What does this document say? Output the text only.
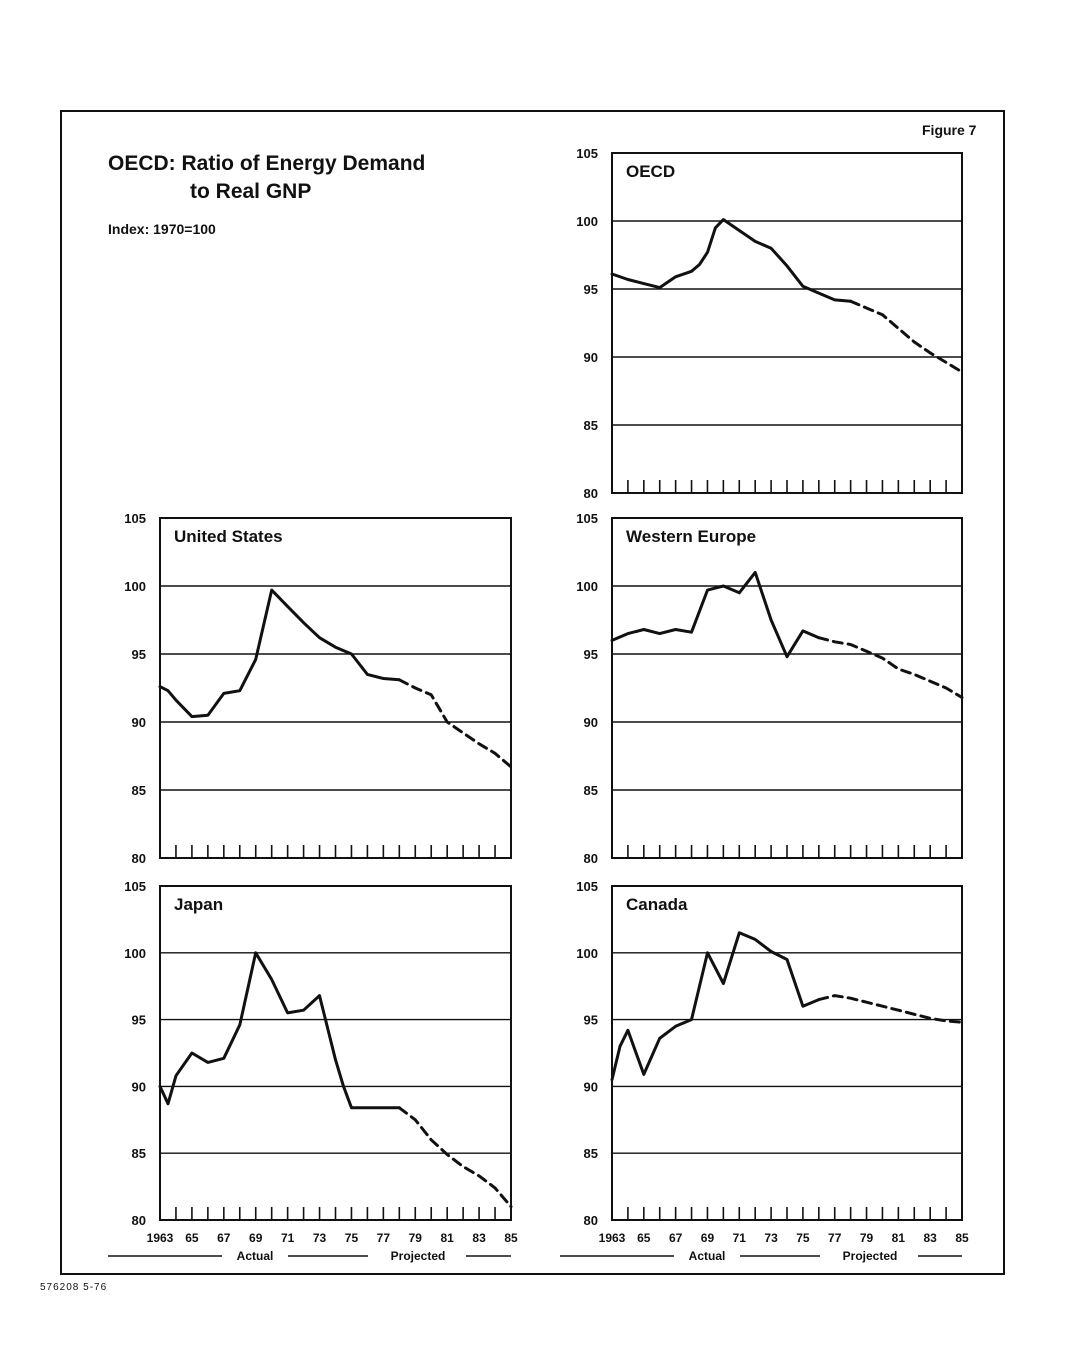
Figure 7
OECD: Ratio of Energy Demand
to Real GNP
Index: 1970=100
576208 5-76
80
85
90
95
100
105
OECD
80
85
90
95
100
105
United States
80
85
90
95
100
105
Western Europe
80
85
90
95
100
105
1963 65 67 69 71 73 75 77 79 81 83 85
Japan
Actual	Projected
80
85
90
95
100
105
1963 65 67 69 71 73 75 77 79 81 83 85
Canada
Actual	Projected
